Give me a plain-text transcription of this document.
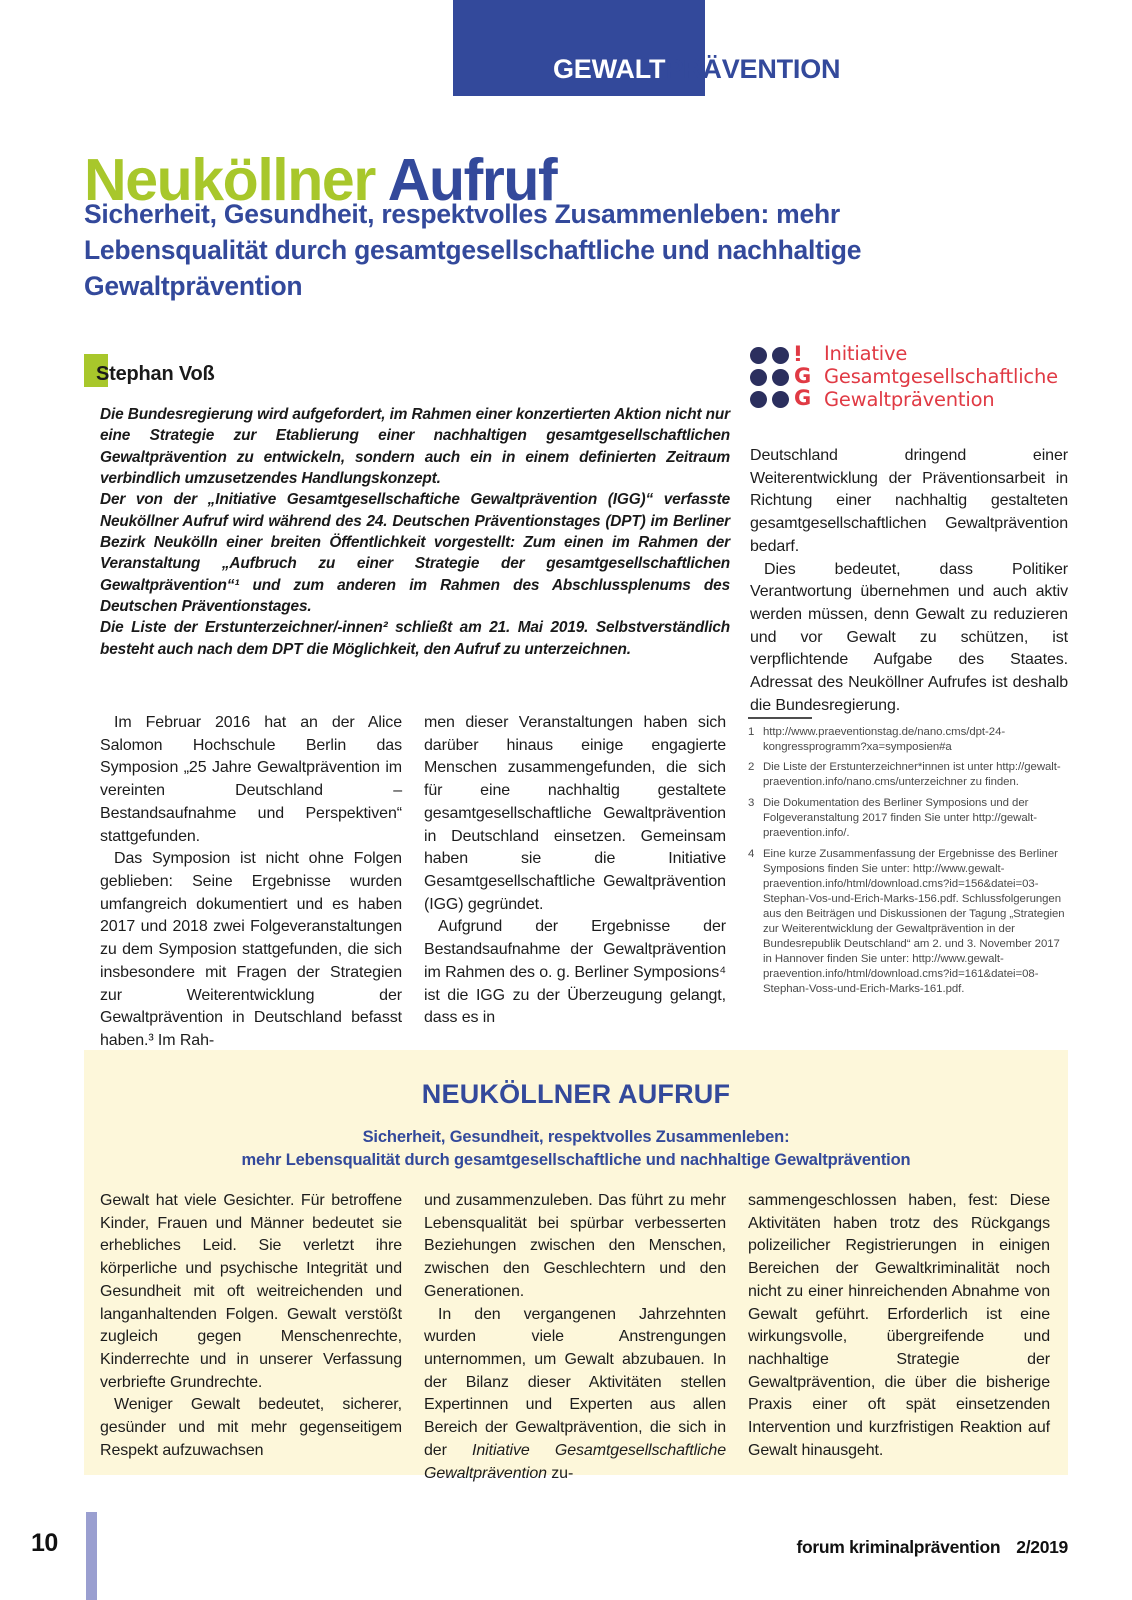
GEWALTPRÄVENTION
Neuköllner Aufruf
Sicherheit, Gesundheit, respektvolles Zusammenleben: mehr Lebensqualität durch gesamtgesellschaftliche und nachhaltige Gewaltprävention
Stephan Voß
ⵑ
G
G
Initiative
Gesamtgesellschaftliche
Gewaltprävention

Die Bundesregierung wird aufgefordert, im Rahmen einer konzertierten Aktion nicht nur eine Strategie zur Etablierung einer nachhaltigen gesamtgesellschaftlichen Gewaltprävention zu entwickeln, sondern auch ein in einem definierten Zeitraum verbindlich umzusetzendes Handlungskonzept.

Der von der „Initiative Gesamtgesellschaftiche Gewaltprävention (IGG)“ verfasste Neuköllner Aufruf wird während des 24. Deutschen Präventionstages (DPT) im Berliner Bezirk Neukölln einer breiten Öffentlichkeit vorgestellt: Zum einen im Rahmen der Veranstaltung „Aufbruch zu einer Strategie der gesamtgesellschaftlichen Gewaltprävention“¹ und zum anderen im Rahmen des Abschlussplenums des Deutschen Präventionstages.

Die Liste der Erstunterzeichner/-innen² schließt am 21. Mai 2019. Selbstverständlich besteht auch nach dem DPT die Möglichkeit, den Aufruf zu unterzeichnen.

Deutschland dringend einer Weiterentwicklung der Präventionsarbeit in Richtung einer nachhaltig gestalteten gesamtgesellschaftlichen Gewaltprävention bedarf.

Dies bedeutet, dass Politiker Verantwortung übernehmen und auch aktiv werden müssen, denn Gewalt zu reduzieren und vor Gewalt zu schützen, ist verpflichtende Aufgabe des Staates. Adressat des Neuköllner Aufrufes ist deshalb die Bundesregierung.

Im Februar 2016 hat an der Alice Salomon Hochschule Berlin das Symposion „25 Jahre Gewaltprävention im vereinten Deutschland – Bestandsaufnahme und Perspektiven“ stattgefunden.

Das Symposion ist nicht ohne Folgen geblieben: Seine Ergebnisse wurden umfangreich dokumentiert und es haben 2017 und 2018 zwei Folgeveranstaltungen zu dem Symposion stattgefunden, die sich insbesondere mit Fragen der Strategien zur Weiterentwicklung der Gewaltprävention in Deutschland befasst haben.³ Im Rah-

men dieser Veranstaltungen haben sich darüber hinaus einige engagierte Menschen zusammengefunden, die sich für eine nachhaltig gestaltete gesamtgesellschaftliche Gewaltprävention in Deutschland einsetzen. Gemeinsam haben sie die Initiative Gesamtgesellschaftliche Gewaltprävention (IGG) gegründet.

Aufgrund der Ergebnisse der Bestandsaufnahme der Gewaltprävention im Rahmen des o. g. Berliner Symposions⁴ ist die IGG zu der Überzeugung gelangt, dass es in

1 http://www.praeventionstag.de/nano.cms/dpt-24-kongressprogramm?xa=symposien#a
2 Die Liste der Erstunterzeichner*innen ist unter http://gewalt-praevention.info/nano.cms/unterzeichner zu finden.
3 Die Dokumentation des Berliner Symposions und der Folgeveranstaltung 2017 finden Sie unter http://gewalt-praevention.info/.
4 Eine kurze Zusammenfassung der Ergebnisse des Berliner Symposions finden Sie unter: http://www.gewalt-praevention.info/html/download.cms?id=156&datei=03-Stephan-Vos-und-Erich-Marks-156.pdf. Schlussfolgerungen aus den Beiträgen und Diskussionen der Tagung „Strategien zur Weiterentwicklung der Gewaltprävention in der Bundesrepublik Deutschland“ am 2. und 3. November 2017 in Hannover finden Sie unter: http://www.gewalt-praevention.info/html/download.cms?id=161&datei=08-Stephan-Voss-und-Erich-Marks-161.pdf.
NEUKÖLLNER AUFRUF
Sicherheit, Gesundheit, respektvolles Zusammenleben:
mehr Lebensqualität durch gesamtgesellschaftliche und nachhaltige Gewaltprävention

Gewalt hat viele Gesichter. Für betroffene Kinder, Frauen und Männer bedeutet sie erhebliches Leid. Sie verletzt ihre körperliche und psychische Integrität und Gesundheit mit oft weitreichenden und langanhaltenden Folgen. Gewalt verstößt zugleich gegen Menschenrechte, Kinderrechte und in unserer Verfassung verbriefte Grundrechte.

Weniger Gewalt bedeutet, sicherer, gesünder und mit mehr gegenseitigem Respekt aufzuwachsen

und zusammenzuleben. Das führt zu mehr Lebensqualität bei spürbar verbesserten Beziehungen zwischen den Menschen, zwischen den Geschlechtern und den Generationen.

In den vergangenen Jahrzehnten wurden viele Anstrengungen unternommen, um Gewalt abzubauen. In der Bilanz dieser Aktivitäten stellen Expertinnen und Experten aus allen Bereich der Gewaltprävention, die sich in der Initiative Gesamtgesellschaftliche Gewaltprävention zu-

sammengeschlossen haben, fest: Diese Aktivitäten haben trotz des Rückgangs polizeilicher Registrierungen in einigen Bereichen der Gewaltkriminalität noch nicht zu einer hinreichenden Abnahme von Gewalt geführt. Erforderlich ist eine wirkungsvolle, übergreifende und nachhaltige Strategie der Gewaltprävention, die über die bisherige Praxis einer oft spät einsetzenden Intervention und kurzfristigen Reaktion auf Gewalt hinausgeht.

10	forum kriminalprävention 2/2019
